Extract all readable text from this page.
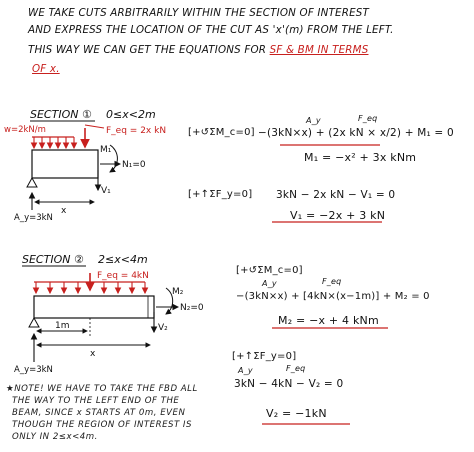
WE TAKE CUTS ARBITRARILY WITHIN THE SECTION OF INTEREST
AND EXPRESS THE LOCATION OF THE CUT AS 'x'(m) FROM THE LEFT.
THIS WAY WE CAN GET THE EQUATIONS FOR SF & BM IN TERMS
OF x.
SECTION ① 0≤x<2m
w=2kN/m	F_eq = 2x kN
M₁
N₁=0
V₁
A_y=3kN
x
SECTION ② 2≤x<4m
F_eq = 4kN
M₂
N₂=0
V₂
A_y=3kN
1m
x
A_y	F_eq
[+↺ΣM_c=0] −(3kN×x) + (2x kN × x/2) + M₁ = 0
M₁ = −x² + 3x kNm
[+↑ΣF_y=0] 3kN − 2x kN − V₁ = 0
V₁ = −2x + 3 kN
[+↺ΣM_c=0]
A_y	F_eq
−(3kN×x) + [4kN×(x−1m)] + M₂ = 0
M₂ = −x + 4 kNm
[+↑ΣF_y=0]
A_y	F_eq
3kN − 4kN − V₂ = 0
V₂ = −1kN
★NOTE! WE HAVE TO TAKE THE FBD ALL
THE WAY TO THE LEFT END OF THE
BEAM, SINCE x STARTS AT 0m, EVEN
THOUGH THE REGION OF INTEREST IS
ONLY IN 2≤x<4m.
